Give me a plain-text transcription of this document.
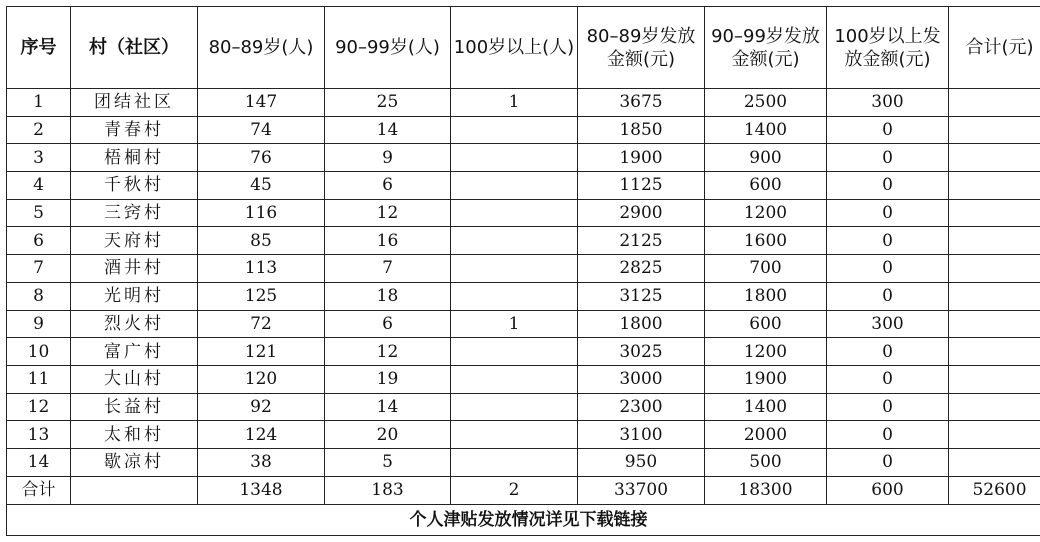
序号	村（社区）	80–89岁(人)	90–99岁(人)	100岁以上(人)	80–89岁发放金额(元)	90–99岁发放金额(元)	100岁以上发放金额(元)	合计(元)
1	团结社区	147	25	1	3675	2500	300	
2	青春村	74	14		1850	1400	0	
3	梧桐村	76	9		1900	900	0	
4	千秋村	45	6		1125	600	0	
5	三窍村	116	12		2900	1200	0	
6	天府村	85	16		2125	1600	0	
7	酒井村	113	7		2825	700	0	
8	光明村	125	18		3125	1800	0	
9	烈火村	72	6	1	1800	600	300	
10	富广村	121	12		3025	1200	0	
11	大山村	120	19		3000	1900	0	
12	长益村	92	14		2300	1400	0	
13	太和村	124	20		3100	2000	0	
14	歇凉村	38	5		950	500	0	
合计		1348	183	2	33700	18300	600	52600
个人津贴发放情况详见下载链接								
